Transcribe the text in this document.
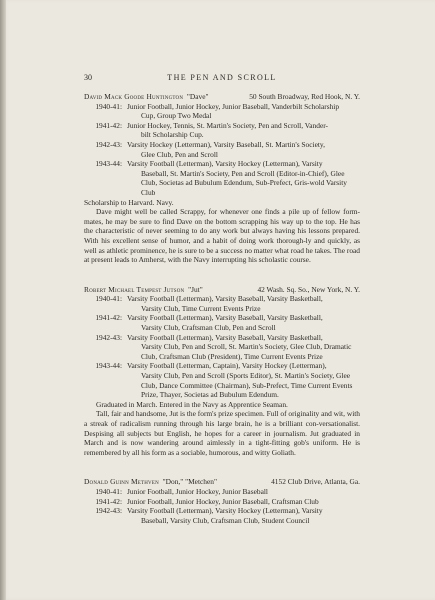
30	THE PEN AND SCROLL
David Mack Goode Huntington "Dave"	50 South Broadway, Red Hook, N. Y.
1940-41: Junior Football, Junior Hockey, Junior Baseball, Vanderbilt Scholarship
Cup, Group Two Medal
1941-42: Junior Hockey, Tennis, St. Martin's Society, Pen and Scroll, Vander-
bilt Scholarship Cup.
1942-43: Varsity Hockey (Letterman), Varsity Baseball, St. Martin's Society,
Glee Club, Pen and Scroll
1943-44: Varsity Football (Letterman), Varsity Hockey (Letterman), Varsity
Baseball, St. Martin's Society, Pen and Scroll (Editor-in-Chief), Glee Club, Societas ad Bubulum Edendum, Sub-Prefect, Gris-wold Varsity Club
Scholarship to Harvard. Navy.
Dave might well be called Scrappy, for whenever one finds a pile up of fellow form-mates, he may be sure to find Dave on the bottom scrapping his way up to the top. He has the characteristic of never seeming to do any work but always having his lessons prepared. With his excellent sense of humor, and a habit of doing work thorough-ly and quickly, as well as athletic prominence, he is sure to be a success no matter what road he takes. The road at present leads to Amherst, with the Navy interrupting his scholastic course.
Robert Michael Tempest Jutson "Jut"	42 Wash. Sq. So., New York, N. Y.
1940-41: Varsity Football (Letterman), Varsity Baseball, Varsity Basketball,
Varsity Club, Time Current Events Prize
1941-42: Varsity Football (Letterman), Varsity Baseball, Varsity Basketball,
Varsity Club, Craftsman Club, Pen and Scroll
1942-43: Varsity Football (Letterman), Varsity Baseball, Varsity Basketball,
Varsity Club, Pen and Scroll, St. Martin's Society, Glee Club, Dramatic Club, Craftsman Club (President), Time Current Events Prize
1943-44: Varsity Football (Letterman, Captain), Varsity Hockey (Letterman),
Varsity Club, Pen and Scroll (Sports Editor), St. Martin's Society, Glee Club, Dance Committee (Chairman), Sub-Prefect, Time Current Events Prize, Thayer, Societas ad Bubulum Edendum.
Graduated in March. Entered in the Navy as Apprentice Seaman.
Tall, fair and handsome, Jut is the form's prize specimen. Full of originality and wit, with a streak of radicalism running through his large brain, he is a brilliant con-versationalist. Despising all subjects but English, he hopes for a career in journalism. Jut graduated in March and is now wandering around aimlessly in a tight-fitting gob's uniform. He is remembered by all his form as a sociable, humorous, and witty Goliath.
Donald Guinn Methven "Don," "Metchen"	4152 Club Drive, Atlanta, Ga.
1940-41: Junior Football, Junior Hockey, Junior Baseball
1941-42: Junior Football, Junior Hockey, Junior Baseball, Craftsman Club
1942-43: Varsity Football (Letterman), Varsity Hockey (Letterman), Varsity
Baseball, Varsity Club, Craftsman Club, Student Council
